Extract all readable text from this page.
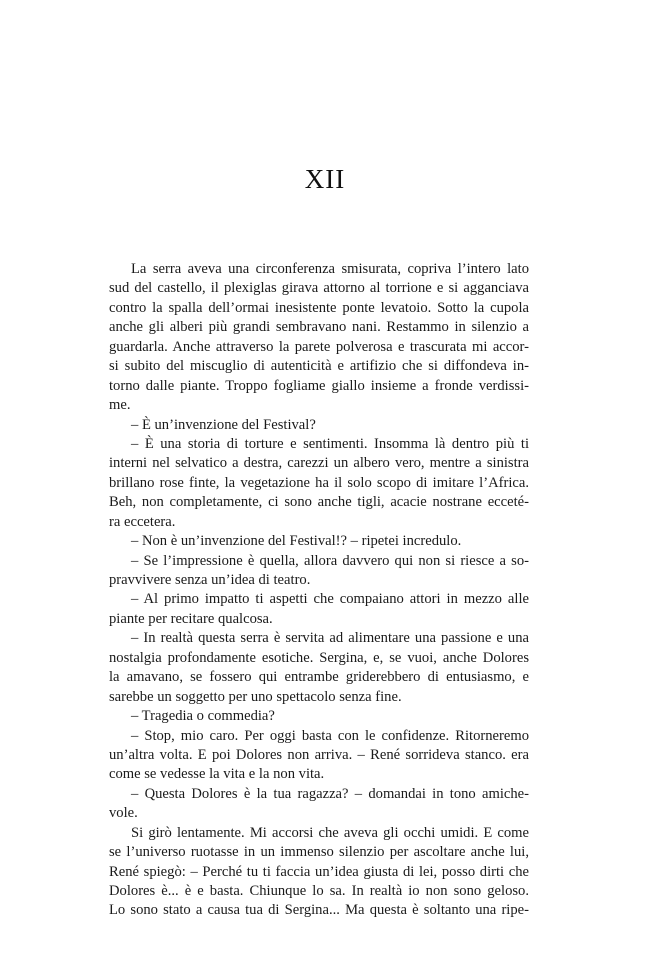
XII
La serra aveva una circonferenza smisurata, copriva l’intero lato
sud del castello, il plexiglas girava attorno al torrione e si agganciava
contro la spalla dell’ormai inesistente ponte levatoio. Sotto la cupola
anche gli alberi più grandi sembravano nani. Restammo in silenzio a
guardarla. Anche attraverso la parete polverosa e trascurata mi accor-
si subito del miscuglio di autenticità e artifizio che si diffondeva in-
torno dalle piante. Troppo fogliame giallo insieme a fronde verdissi-
me.
– È un’invenzione del Festival?
– È una storia di torture e sentimenti. Insomma là dentro più ti
interni nel selvatico a destra, carezzi un albero vero, mentre a sinistra
brillano rose finte, la vegetazione ha il solo scopo di imitare l’Africa.
Beh, non completamente, ci sono anche tigli, acacie nostrane ecceté-
ra eccetera.
– Non è un’invenzione del Festival!? – ripetei incredulo.
– Se l’impressione è quella, allora davvero qui non si riesce a so-
pravvivere senza un’idea di teatro.
– Al primo impatto ti aspetti che compaiano attori in mezzo alle
piante per recitare qualcosa.
– In realtà questa serra è servita ad alimentare una passione e una
nostalgia profondamente esotiche. Sergina, e, se vuoi, anche Dolores
la amavano, se fossero qui entrambe griderebbero di entusiasmo, e
sarebbe un soggetto per uno spettacolo senza fine.
– Tragedia o commedia?
– Stop, mio caro. Per oggi basta con le confidenze. Ritorneremo
un’altra volta. E poi Dolores non arriva. – René sorrideva stanco. era
come se vedesse la vita e la non vita.
– Questa Dolores è la tua ragazza? – domandai in tono amiche-
vole.
Si girò lentamente. Mi accorsi che aveva gli occhi umidi. E come
se l’universo ruotasse in un immenso silenzio per ascoltare anche lui,
René spiegò: – Perché tu ti faccia un’idea giusta di lei, posso dirti che
Dolores è... è e basta. Chiunque lo sa. In realtà io non sono geloso.
Lo sono stato a causa tua di Sergina... Ma questa è soltanto una ripe-
